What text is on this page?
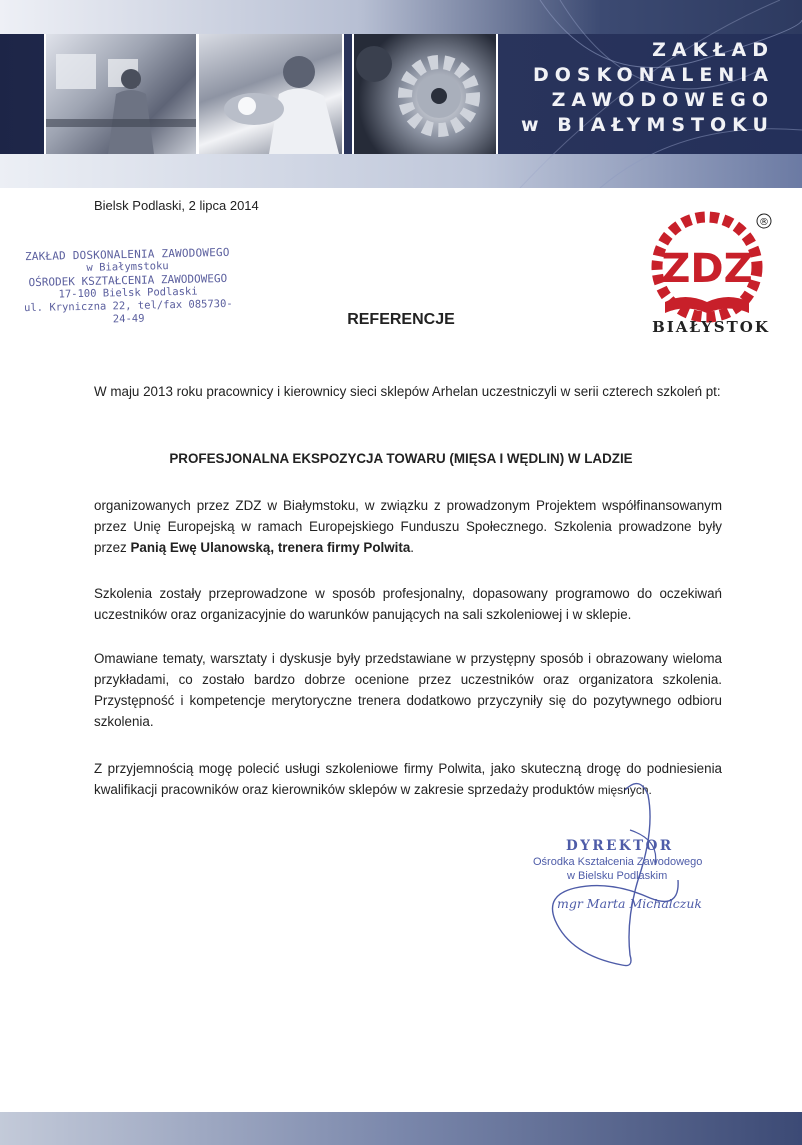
ZAKŁAD
DOSKONALENIA
ZAWODOWEGO
w BIAŁYMSTOKU
Bielsk Podlaski, 2 lipca 2014
ZAKŁAD DOSKONALENIA ZAWODOWEGO
w Białymstoku
OŚRODEK KSZTAŁCENIA ZAWODOWEGO
17-100 Bielsk Podlaski
ul. Kryniczna 22, tel/fax 085730-24-49
ZDZ
®
BIAŁYSTOK
REFERENCJE
W maju 2013 roku pracownicy i kierownicy sieci sklepów Arhelan uczestniczyli w serii czterech szkoleń pt:
PROFESJONALNA EKSPOZYCJA TOWARU (MIĘSA I WĘDLIN) W LADZIE
organizowanych przez ZDZ w Białymstoku, w związku z prowadzonym Projektem współfinansowanym przez Unię Europejską w ramach Europejskiego Funduszu Społecznego. Szkolenia prowadzone były przez Panią Ewę Ulanowską, trenera firmy Polwita.
Szkolenia zostały przeprowadzone w sposób profesjonalny, dopasowany programowo do oczekiwań uczestników oraz organizacyjnie do warunków panujących na sali szkoleniowej i w sklepie.
Omawiane tematy, warsztaty i dyskusje były przedstawiane w przystępny sposób i obrazowany wieloma przykładami, co zostało bardzo dobrze ocenione przez uczestników oraz organizatora szkolenia. Przystępność i kompetencje merytoryczne trenera dodatkowo przyczyniły się do pozytywnego odbioru szkolenia.
Z przyjemnością mogę polecić usługi szkoleniowe firmy Polwita, jako skuteczną drogę do podniesienia kwalifikacji pracowników oraz kierowników sklepów w zakresie sprzedaży produktów mięsnych.
DYREKTOR
Ośrodka Kształcenia Zawodowego
w Bielsku Podlaskim
mgr Marta Michalczuk
